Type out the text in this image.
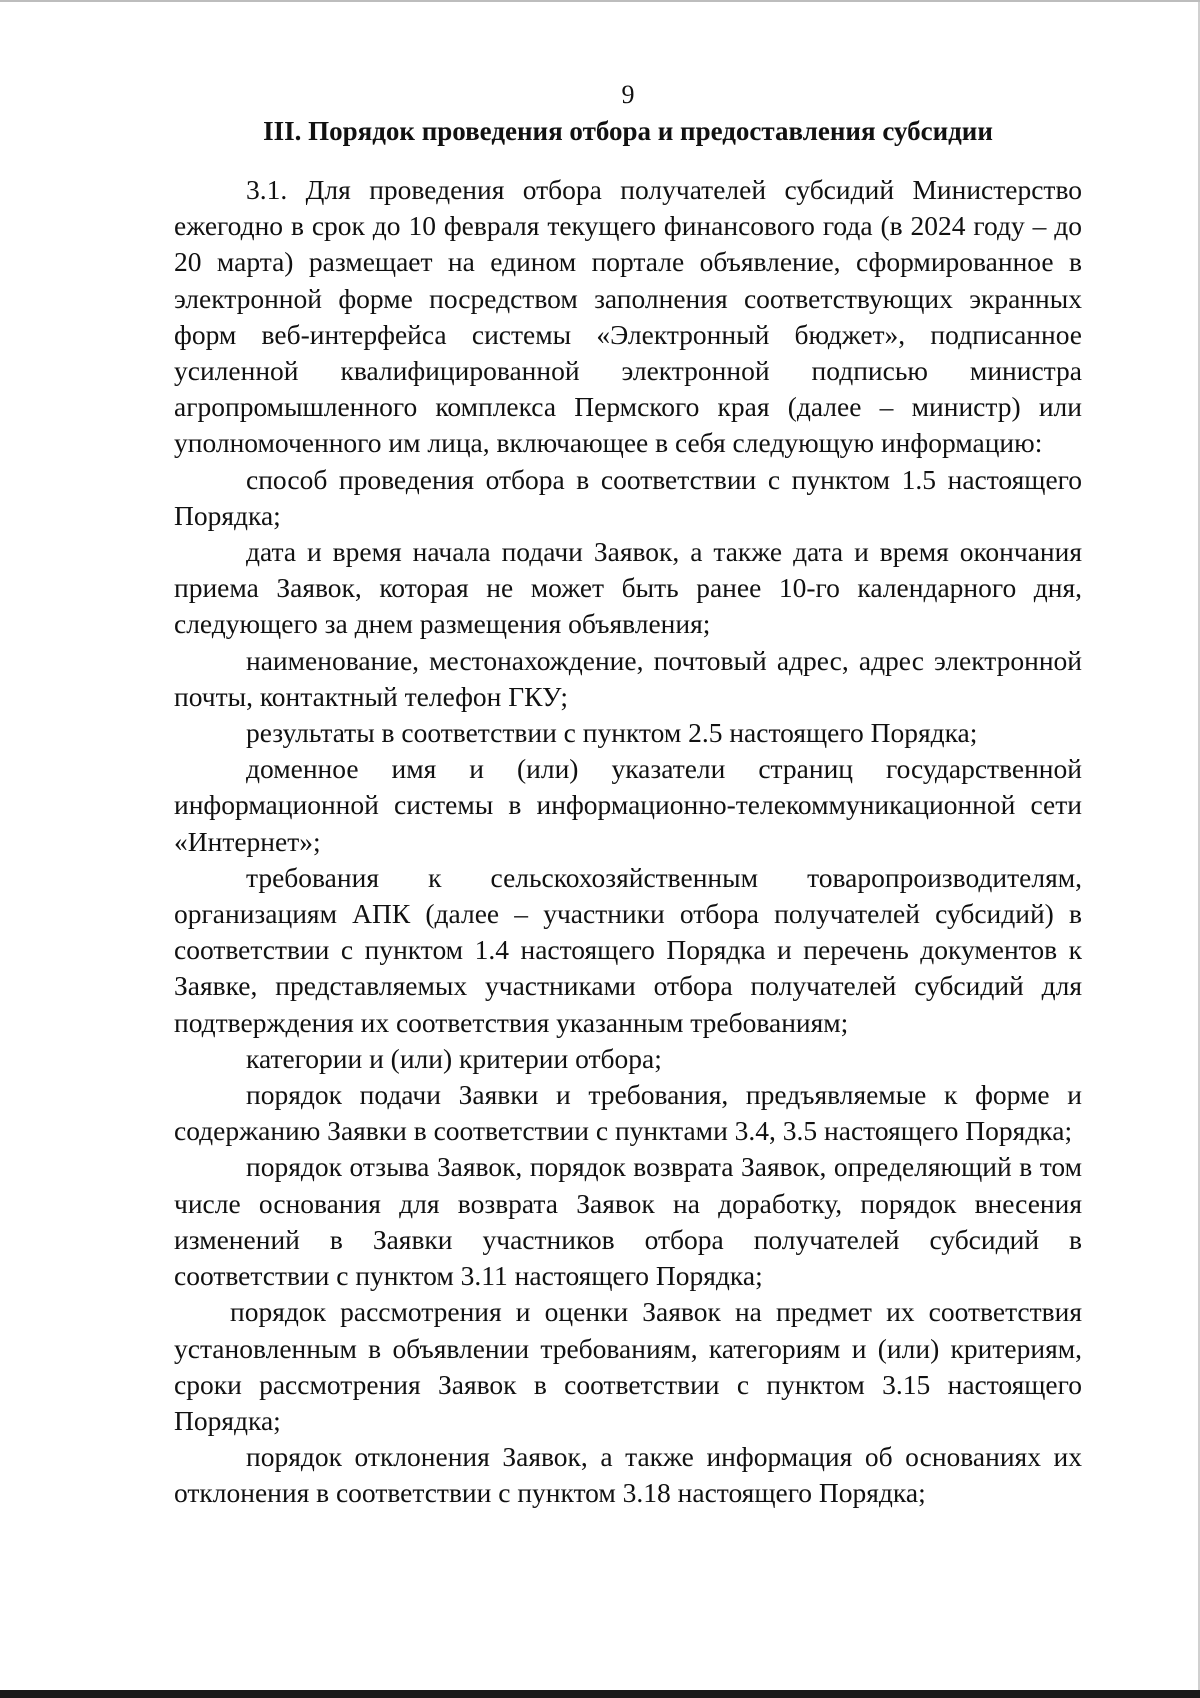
9
III. Порядок проведения отбора и предоставления субсидии

3.1. Для проведения отбора получателей субсидий Министерство ежегодно в срок до 10 февраля текущего финансового года (в 2024 году – до 20 марта) размещает на едином портале объявление, сформированное в электронной форме посредством заполнения соответствующих экранных форм веб-интерфейса системы «Электронный бюджет», подписанное усиленной квалифицированной электронной подписью министра агропромышленного комплекса Пермского края (далее – министр) или уполномоченного им лица, включающее в себя следующую информацию:

способ проведения отбора в соответствии с пунктом 1.5 настоящего Порядка;

дата и время начала подачи Заявок, а также дата и время окончания приема Заявок, которая не может быть ранее 10-го календарного дня, следующего за днем размещения объявления;

наименование, местонахождение, почтовый адрес, адрес электронной почты, контактный телефон ГКУ;

результаты в соответствии с пунктом 2.5 настоящего Порядка;

доменное имя и (или) указатели страниц государственной информационной системы в информационно-телекоммуникационной сети «Интернет»;

требования к сельскохозяйственным товаропроизводителям, организациям АПК (далее – участники отбора получателей субсидий) в соответствии с пунктом 1.4 настоящего Порядка и перечень документов к Заявке, представляемых участниками отбора получателей субсидий для подтверждения их соответствия указанным требованиям;

категории и (или) критерии отбора;

порядок подачи Заявки и требования, предъявляемые к форме и содержанию Заявки в соответствии с пунктами 3.4, 3.5 настоящего Порядка;

порядок отзыва Заявок, порядок возврата Заявок, определяющий в том числе основания для возврата Заявок на доработку, порядок внесения изменений в Заявки участников отбора получателей субсидий в соответствии с пунктом 3.11 настоящего Порядка;

порядок рассмотрения и оценки Заявок на предмет их соответствия установленным в объявлении требованиям, категориям и (или) критериям, сроки рассмотрения Заявок в соответствии с пунктом 3.15 настоящего Порядка;

порядок отклонения Заявок, а также информация об основаниях их отклонения в соответствии с пунктом 3.18 настоящего Порядка;
